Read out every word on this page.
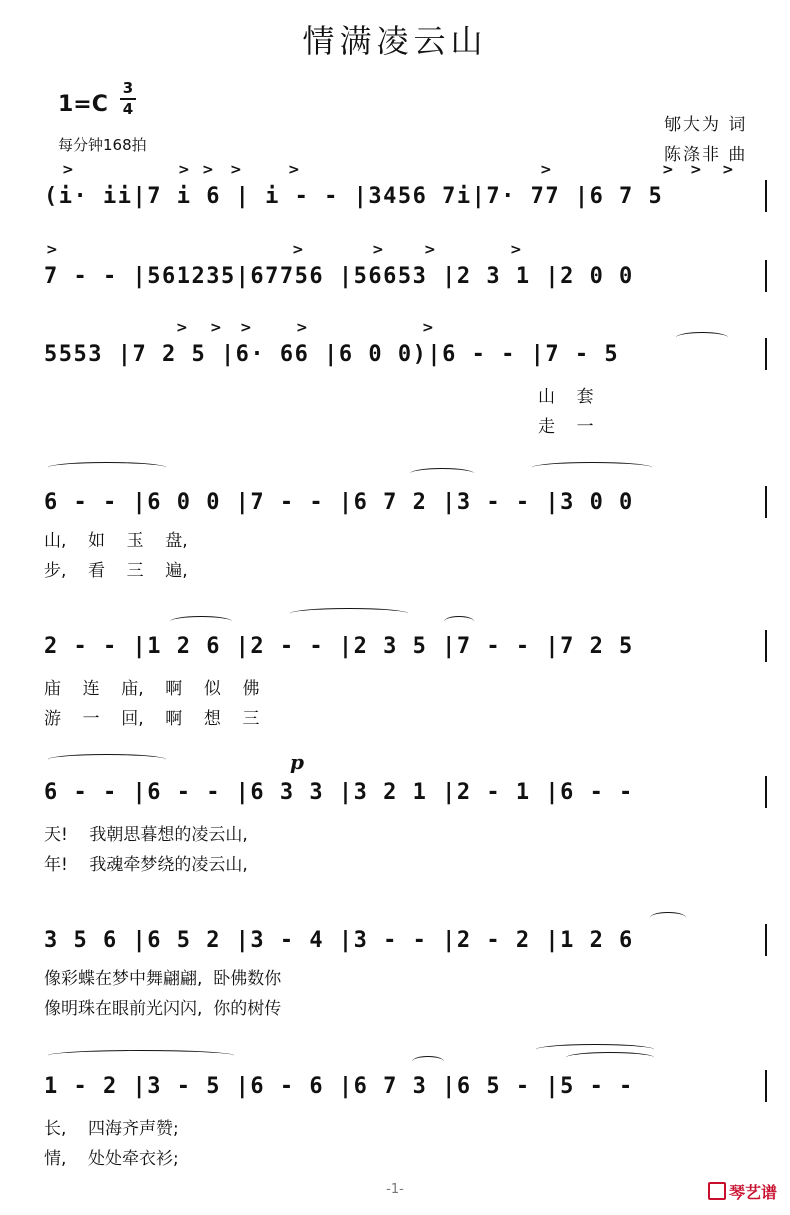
情满凌云山
1=C
3
4
每分钟168拍
郇大为 词
陈涤非 曲
(i· ii|7 i 6 | i - - |3456 7i|7· 77 |6 7 5
>	> > >	>	>	> > >
7 - - |561235|67756 |56653 |2 3 1 |2 0 0
>	>	>	>	>
5553 |7 2 5 |6· 66 |6 0 0)|6 - - |7 - 5
> > >	>	>
山    套
走    一
6 - - |6 0 0 |7 - - |6 7 2 |3 - - |3 0 0
山,    如    玉    盘,
步,    看    三    遍,
2 - - |1 2 6 |2 - - |2 3 5 |7 - - |7 2 5
庙    连    庙,    啊    似    佛
游    一    回,    啊    想    三
p
6 - - |6 - - |6 3 3 |3 2 1 |2 - 1 |6 - -
天!    我朝思暮想的凌云山,
年!    我魂牵梦绕的凌云山,
3 5 6 |6 5 2 |3 - 4 |3 - - |2 - 2 |1 2 6
像彩蝶在梦中舞翩翩,  卧佛数你
像明珠在眼前光闪闪,  你的树传
1 - 2 |3 - 5 |6 - 6 |6 7 3 |6 5 - |5 - -
长,    四海齐声赞;
情,    处处牵衣衫;
-1-	琴艺谱
